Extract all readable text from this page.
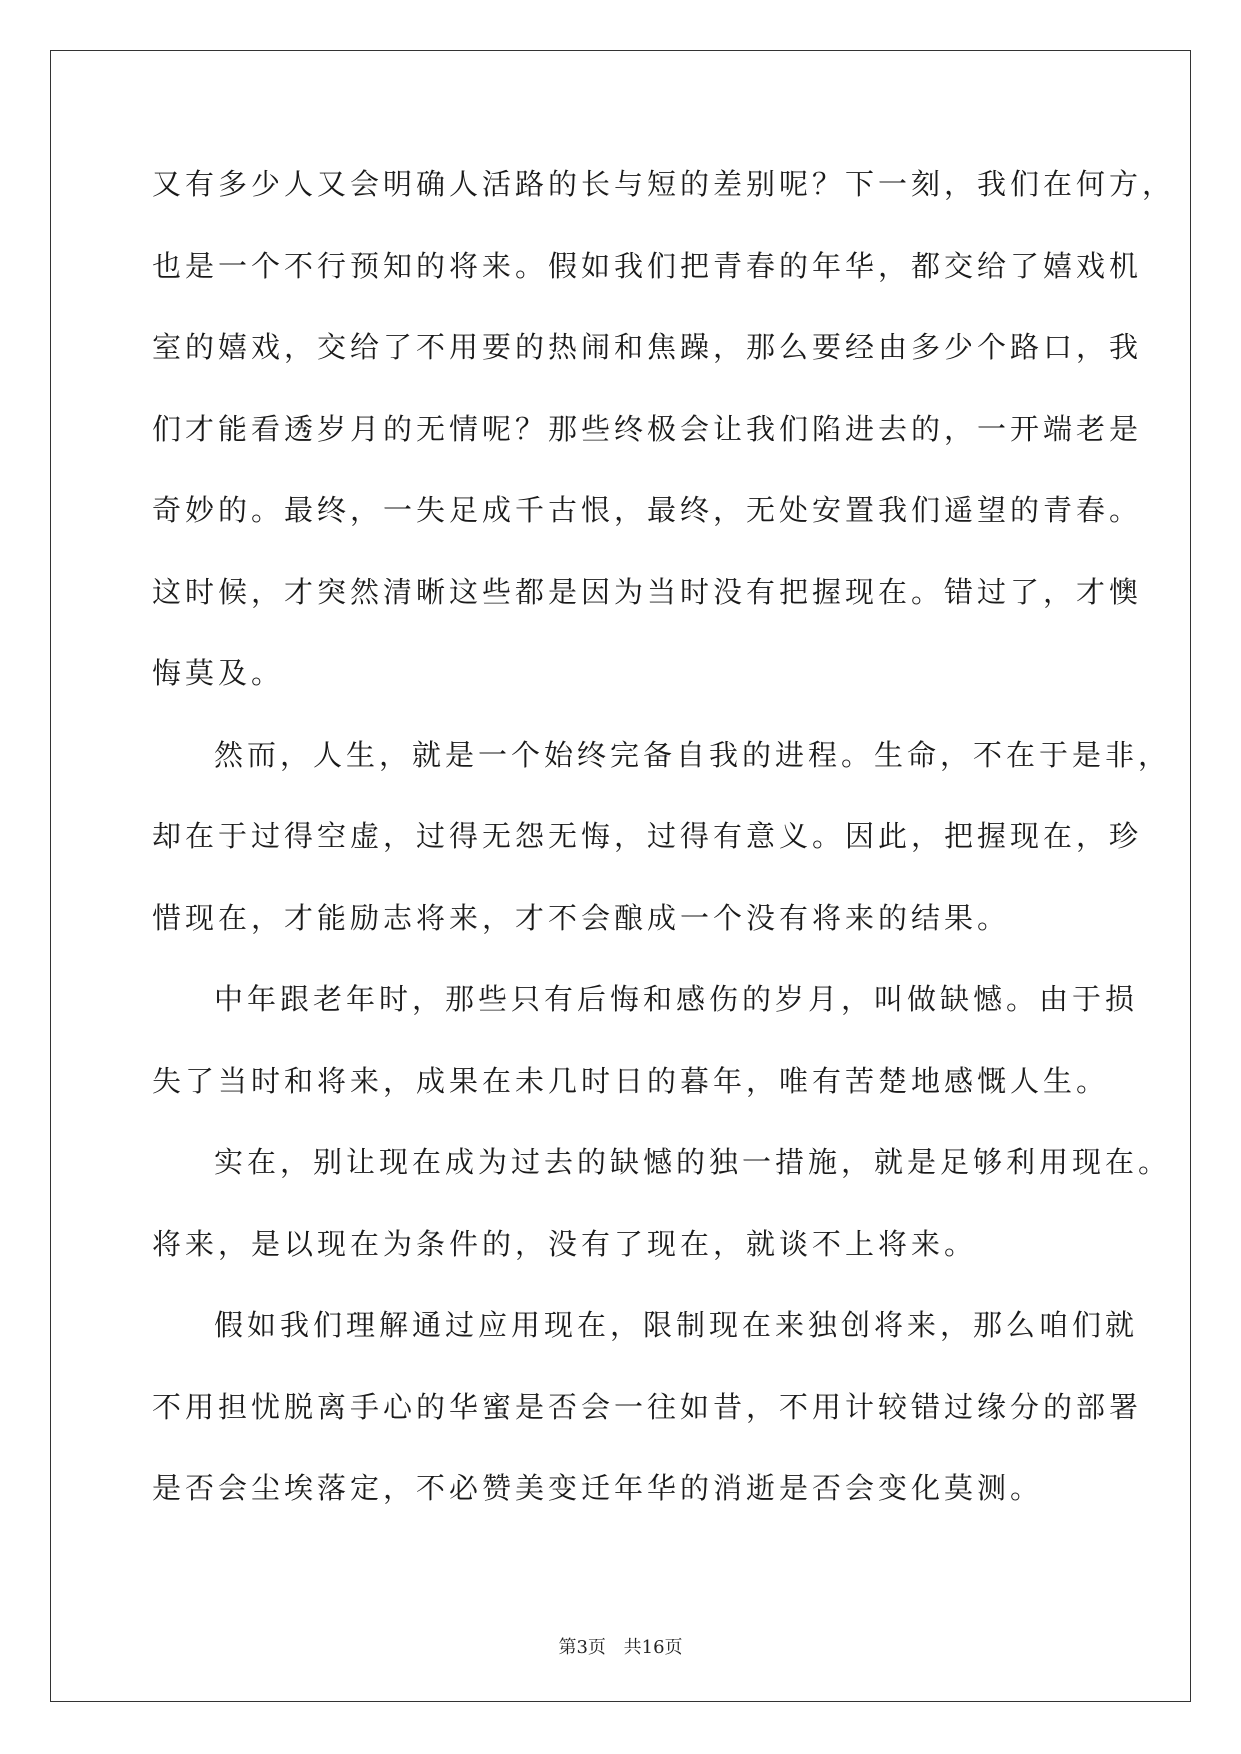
又有多少人又会明确人活路的长与短的差别呢？下一刻，我们在何方，
也是一个不行预知的将来。假如我们把青春的年华，都交给了嬉戏机
室的嬉戏，交给了不用要的热闹和焦躁，那么要经由多少个路口，我
们才能看透岁月的无情呢？那些终极会让我们陷进去的，一开端老是
奇妙的。最终，一失足成千古恨，最终，无处安置我们遥望的青春。
这时候，才突然清晰这些都是因为当时没有把握现在。错过了，才懊
悔莫及。
然而，人生，就是一个始终完备自我的进程。生命，不在于是非，
却在于过得空虚，过得无怨无悔，过得有意义。因此，把握现在，珍
惜现在，才能励志将来，才不会酿成一个没有将来的结果。
中年跟老年时，那些只有后悔和感伤的岁月，叫做缺憾。由于损
失了当时和将来，成果在未几时日的暮年，唯有苦楚地感慨人生。
实在，别让现在成为过去的缺憾的独一措施，就是足够利用现在。
将来，是以现在为条件的，没有了现在，就谈不上将来。
假如我们理解通过应用现在，限制现在来独创将来，那么咱们就
不用担忧脱离手心的华蜜是否会一往如昔，不用计较错过缘分的部署
是否会尘埃落定，不必赞美变迁年华的消逝是否会变化莫测。
第3页 共16页
